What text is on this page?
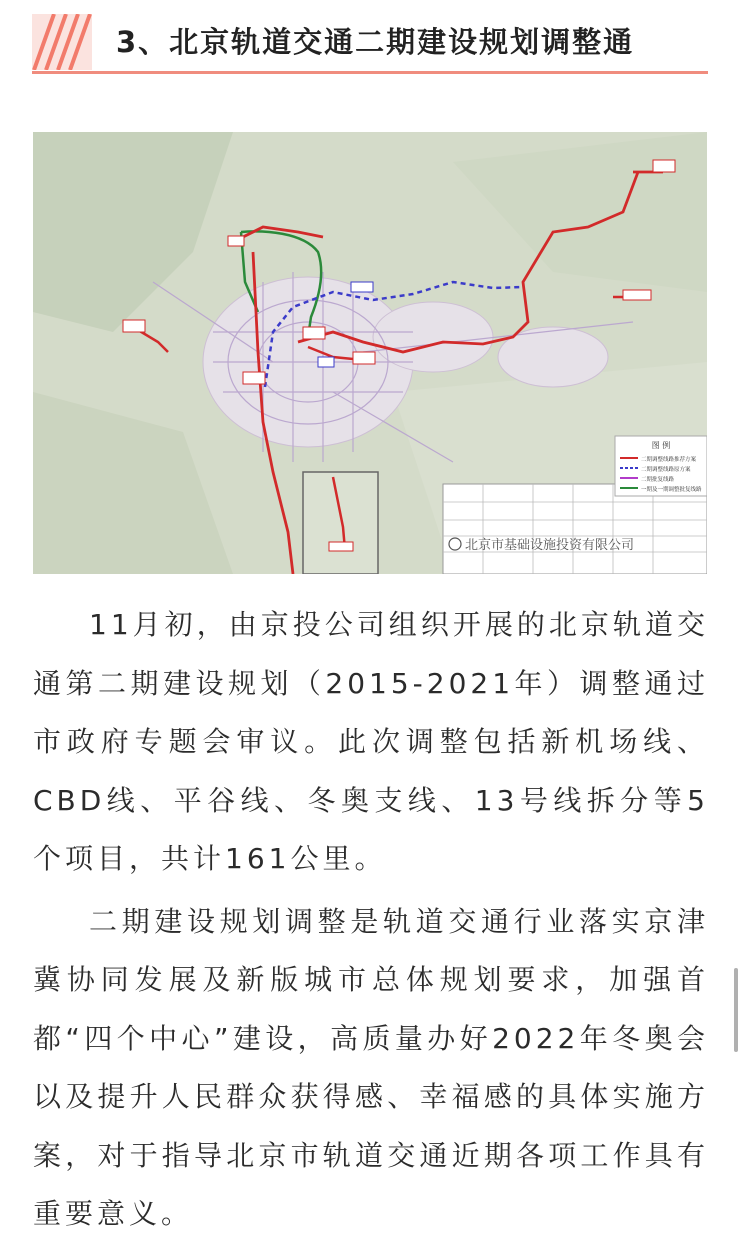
3、北京轨道交通二期建设规划调整通
图 例
二期调整线路推荐方案
二期调整线路原方案
二期批复线路
一期及一期调整批复线路
北京市基础设施投资有限公司

11月初，由京投公司组织开展的北京轨道交通第二期建设规划（2015-2021年）调整通过市政府专题会审议。此次调整包括新机场线、CBD线、平谷线、冬奥支线、13号线拆分等5个项目，共计161公里。

二期建设规划调整是轨道交通行业落实京津冀协同发展及新版城市总体规划要求，加强首都“四个中心”建设，高质量办好2022年冬奥会以及提升人民群众获得感、幸福感的具体实施方案，对于指导北京市轨道交通近期各项工作具有重要意义。
